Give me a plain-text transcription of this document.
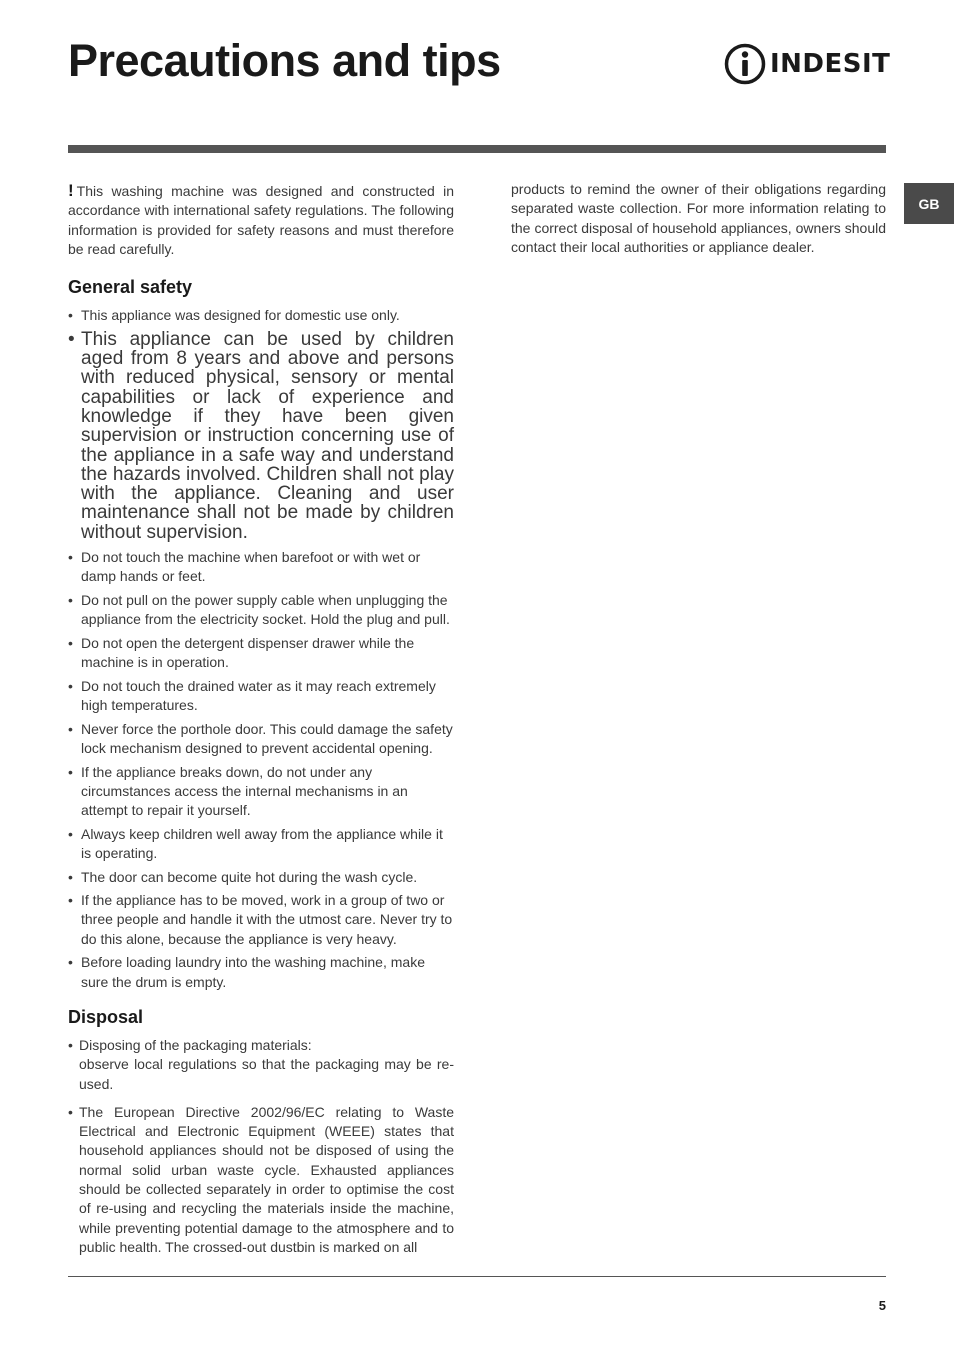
Precautions and tips	INDESIT
GB

! This washing machine was designed and constructed in accordance with international safety regulations. The following information is provided for safety reasons and must therefore be read carefully.

General safety
• This appliance was designed for domestic use only.
• This appliance can be used by children aged from 8 years and above and persons with reduced physical, sensory or mental capabilities or lack of experience and knowledge if they have been given supervision or instruction concerning use of the appliance in a safe way and understand the hazards involved. Children shall not play with the appliance. Cleaning and user maintenance shall not be made by children without supervision.
• Do not touch the machine when barefoot or with wet or damp hands or feet.
• Do not pull on the power supply cable when unplugging the appliance from the electricity socket. Hold the plug and pull.
• Do not open the detergent dispenser drawer while the machine is in operation.
• Do not touch the drained water as it may reach extremely high temperatures.
• Never force the porthole door. This could damage the safety lock mechanism designed to prevent accidental opening.
• If the appliance breaks down, do not under any circumstances access the internal mechanisms in an attempt to repair it yourself.
• Always keep children well away from the appliance while it is operating.
• The door can become quite hot during the wash cycle.
• If the appliance has to be moved, work in a group of two or three people and handle it with the utmost care. Never try to do this alone, because the appliance is very heavy.
• Before loading laundry into the washing machine, make sure the drum is empty.
Disposal
• Disposing of the packaging materials:
observe local regulations so that the packaging may be re-used.
• The European Directive 2002/96/EC relating to Waste Electrical and Electronic Equipment (WEEE) states that household appliances should not be disposed of using the normal solid urban waste cycle. Exhausted appliances should be collected separately in order to optimise the cost of re-using and recycling the materials inside the machine, while preventing potential damage to the atmosphere and to public health. The crossed-out dustbin is marked on all

products to remind the owner of their obligations regarding separated waste collection. For more information relating to the correct disposal of household appliances, owners should contact their local authorities or appliance dealer.

5
